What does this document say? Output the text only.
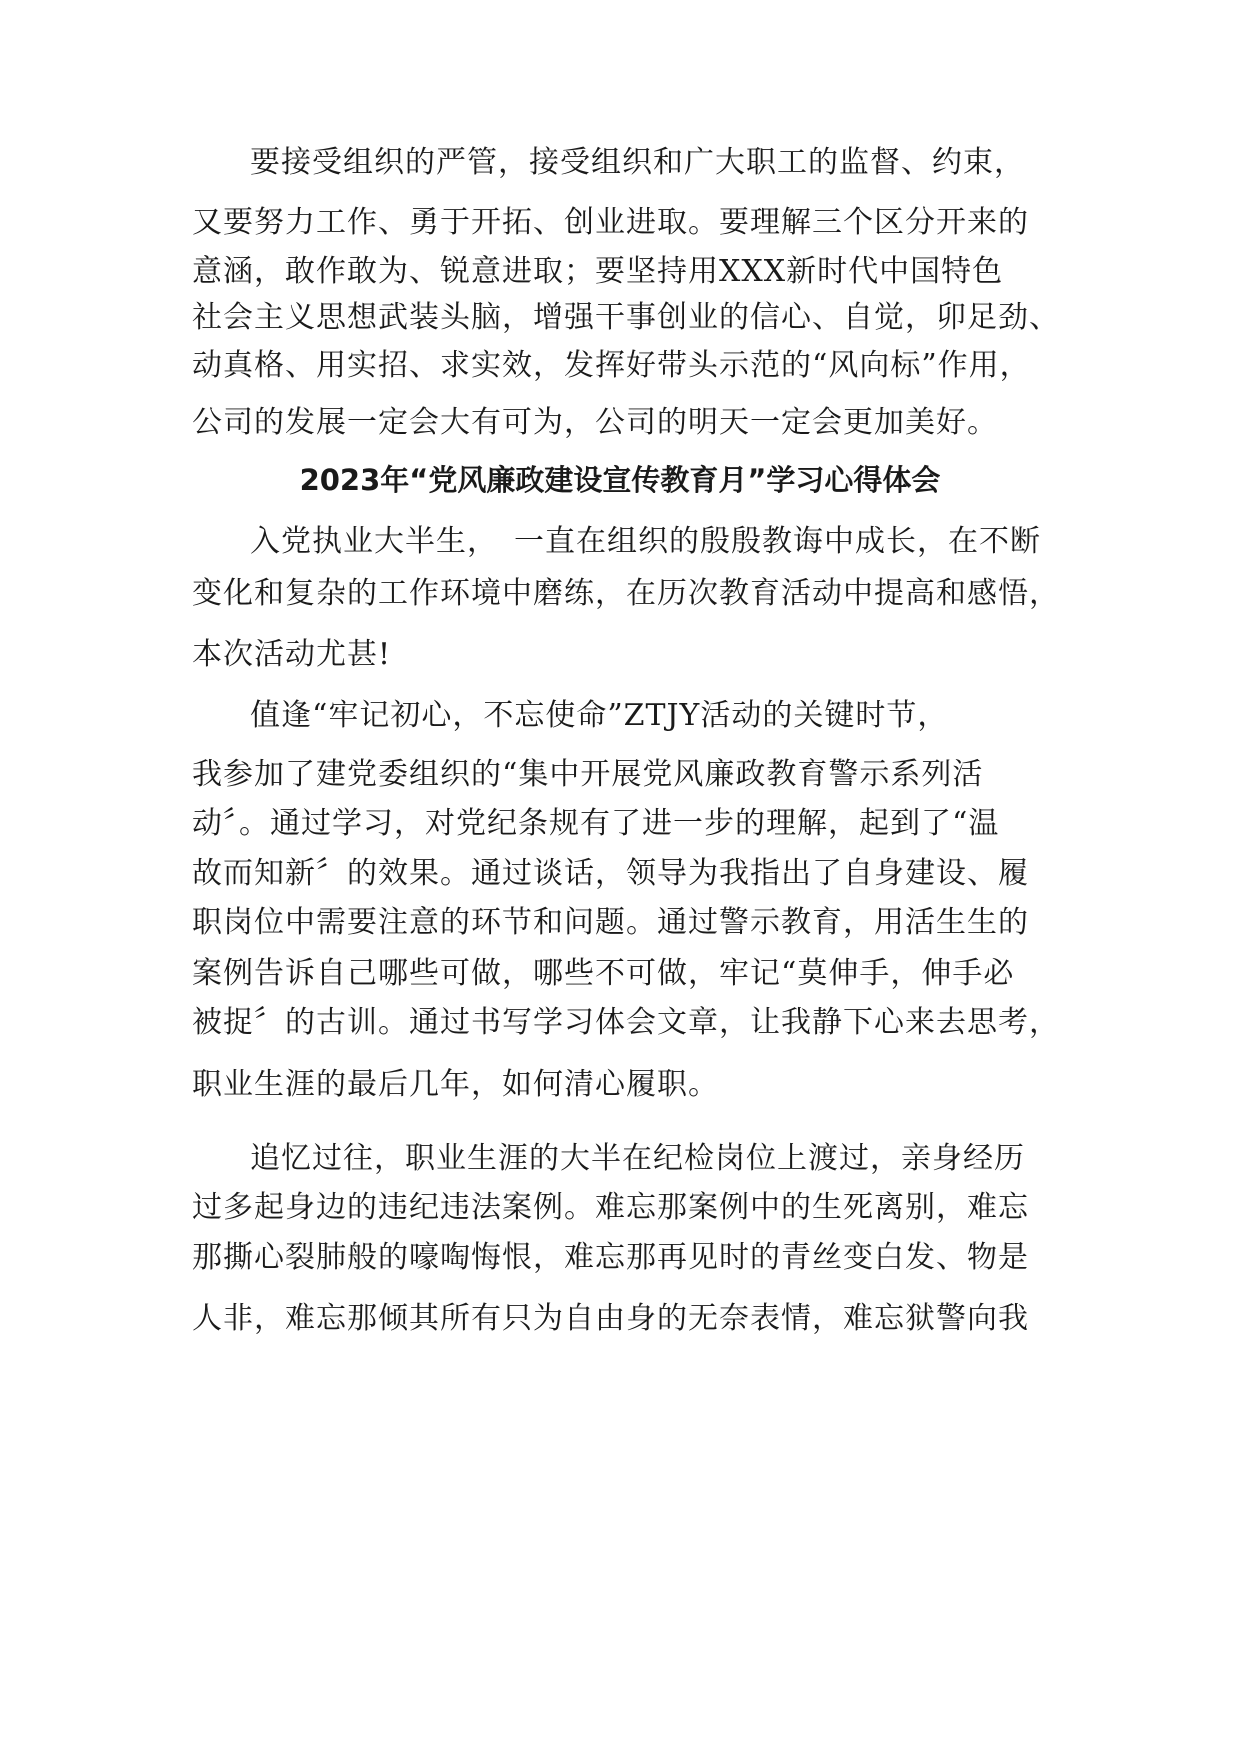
要接受组织的严管，接受组织和广大职工的监督、约束，
又要努力工作、勇于开拓、创业进取。要理解三个区分开来的
意涵，敢作敢为、锐意进取；要坚持用XXX新时代中国特色
社会主义思想武装头脑，增强干事创业的信心、自觉，卯足劲、
动真格、用实招、求实效，发挥好带头示范的“风向标”作用，
公司的发展一定会大有可为，公司的明天一定会更加美好。
2023年“党风廉政建设宣传教育月”学习心得体会
入党执业大半生，　一直在组织的殷殷教诲中成长，在不断
变化和复杂的工作环境中磨练，在历次教育活动中提高和感悟，
本次活动尤甚!
值逢“牢记初心，不忘使命”ZTJY活动的关键时节，
我参加了建党委组织的“集中开展党风廉政教育警示系列活
动〞。通过学习，对党纪条规有了进一步的理解，起到了“温
故而知新〞的效果。通过谈话，领导为我指出了自身建设、履
职岗位中需要注意的环节和问题。通过警示教育，用活生生的
案例告诉自己哪些可做，哪些不可做，牢记“莫伸手，伸手必
被捉〞的古训。通过书写学习体会文章，让我静下心来去思考，
职业生涯的最后几年，如何清心履职。
追忆过往，职业生涯的大半在纪检岗位上渡过，亲身经历
过多起身边的违纪违法案例。难忘那案例中的生死离别，难忘
那撕心裂肺般的嚎啕悔恨，难忘那再见时的青丝变白发、物是
人非，难忘那倾其所有只为自由身的无奈表情，难忘狱警向我
